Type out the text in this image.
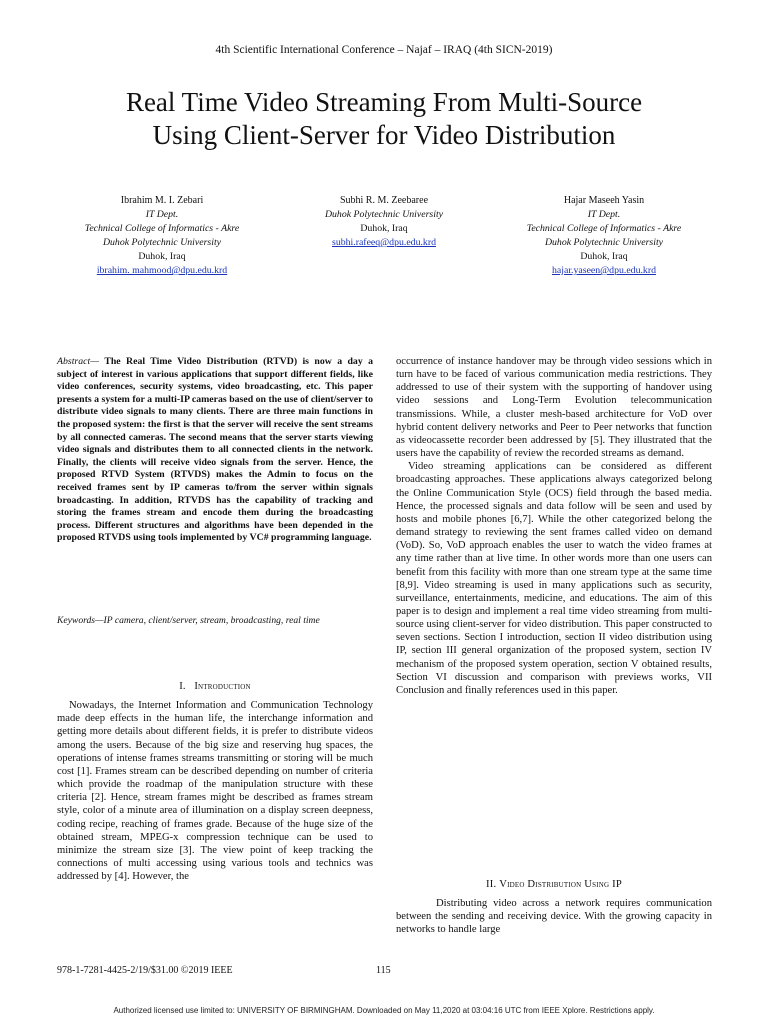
4th Scientific International Conference – Najaf – IRAQ (4th SICN-2019)
Real Time Video Streaming From Multi-Source
Using Client-Server for Video Distribution
Ibrahim M. I. Zebari
IT Dept.
Technical College of Informatics - Akre
Duhok Polytechnic University
Duhok, Iraq
ibrahim. mahmood@dpu.edu.krd
Subhi R. M. Zeebaree
Duhok Polytechnic University
Duhok, Iraq
subhi.rafeeq@dpu.edu.krd
Hajar Maseeh Yasin
IT Dept.
Technical College of Informatics - Akre
Duhok Polytechnic University
Duhok, Iraq
hajar.yaseen@dpu.edu.krd
Abstract— The Real Time Video Distribution (RTVD) is now a day a subject of interest in various applications that support different fields, like video conferences, security systems, video broadcasting, etc. This paper presents a system for a multi-IP cameras based on the use of client/server to distribute video signals to many clients. There are three main functions in the proposed system: the first is that the server will receive the sent streams by all connected cameras. The second means that the server starts viewing video signals and distributes them to all connected clients in the network. Finally, the clients will receive video signals from the server. Hence, the proposed RTVD System (RTVDS) makes the Admin to focus on the received frames sent by IP cameras to/from the server within signals broadcasting. In addition, RTVDS has the capability of tracking and storing the frames stream and encode them during the broadcasting process. Different structures and algorithms have been depended in the proposed RTVDS using tools implemented by VC# programming language.
Keywords—IP camera, client/server, stream, broadcasting, real time
I. Introduction

Nowadays, the Internet Information and Communication Technology made deep effects in the human life, the interchange information and getting more details about different fields, it is prefer to distribute videos among the users. Because of the big size and reserving hug spaces, the operations of intense frames streams transmitting or storing will be much cost [1]. Frames stream can be described depending on number of criteria which provide the roadmap of the manipulation structure with these criteria [2]. Hence, stream frames might be described as frames stream style, color of a minute area of illumination on a display screen deepness, coding recipe, reaching of frames grade. Because of the huge size of the obtained stream, MPEG-x compression technique can be used to minimize the stream size [3]. The view point of keep tracking the connections of multi accessing using various tools and technics was addressed by [4]. However, the

occurrence of instance handover may be through video sessions which in turn have to be faced of various communication media restrictions. They addressed to use of their system with the supporting of handover using video sessions and Long-Term Evolution telecommunication transmissions. While, a cluster mesh-based architecture for VoD over hybrid content delivery networks and Peer to Peer networks that function as videocassette recorder been addressed by [5]. They illustrated that the users have the capability of review the recorded streams as demand.

Video streaming applications can be considered as different broadcasting approaches. These applications always categorized belong the Online Communication Style (OCS) field through the based media. Hence, the processed signals and data follow will be seen and used by hosts and mobile phones [6,7]. While the other categorized belong the demand strategy to reviewing the sent frames called video on demand (VoD). So, VoD approach enables the user to watch the video frames at any time rather than at live time. In other words more than one users can benefit from this facility with more than one stream type at the same time [8,9]. Video streaming is used in many applications such as security, surveillance, entertainments, medicine, and educations. The aim of this paper is to design and implement a real time video streaming from multi-source using client-server for video distribution. This paper constructed to seven sections. Section I introduction, section II video distribution using IP, section III general organization of the proposed system, section IV mechanism of the proposed system operation, section V obtained results, Section VI discussion and comparison with previews works, VII Conclusion and finally references used in this paper.

II. Video Distribution Using IP

Distributing video across a network requires communication between the sending and receiving device. With the growing capacity in networks to handle large

978-1-7281-4425-2/19/$31.00 ©2019 IEEE	115
Authorized licensed use limited to: UNIVERSITY OF BIRMINGHAM. Downloaded on May 11,2020 at 03:04:16 UTC from IEEE Xplore. Restrictions apply.
